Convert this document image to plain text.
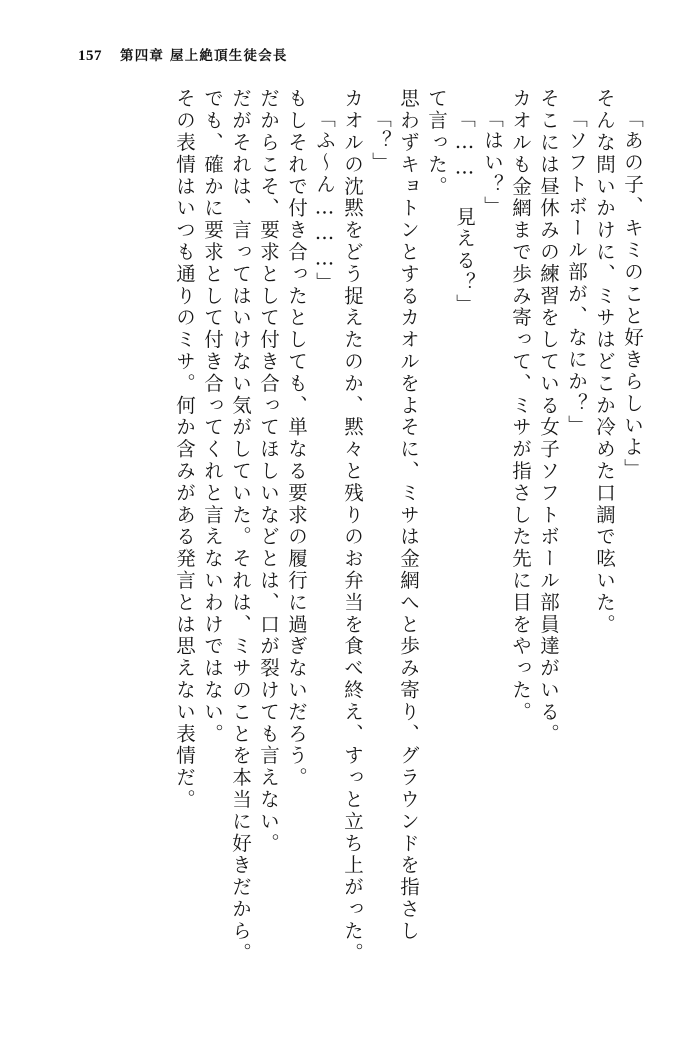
157 第四章 屋上絶頂生徒会長
その表情はいつも通りのミサ。何か含みがある発言とは思えない表情だ。 でも、確かに要求として付き合ってくれと言えないわけではない。 だがそれは、言ってはいけない気がしていた。それは、ミサのことを本当に好きだから。 だからこそ、要求として付き合ってほしいなどとは、口が裂けても言えない。 もしそれで付き合ったとしても、単なる要求の履行に過ぎないだろう。 「ふ～ん………」 カオルの沈黙をどう捉えたのか、黙々と残りのお弁当を食べ終え、すっと立ち上がった。 「？」 思わずキョトンとするカオルをよそに、ミサは金網へと歩み寄り、グラウンドを指さし て言った。 「…… 見える？」 「はい？」 カオルも金網まで歩み寄って、ミサが指さした先に目をやった。 そこには昼休みの練習をしている女子ソフトボール部員達がいる。 「ソフトボール部が、なにか？」 そんな問いかけに、ミサはどこか冷めた口調で呟いた。 「あの子、キミのこと好きらしいよ」
